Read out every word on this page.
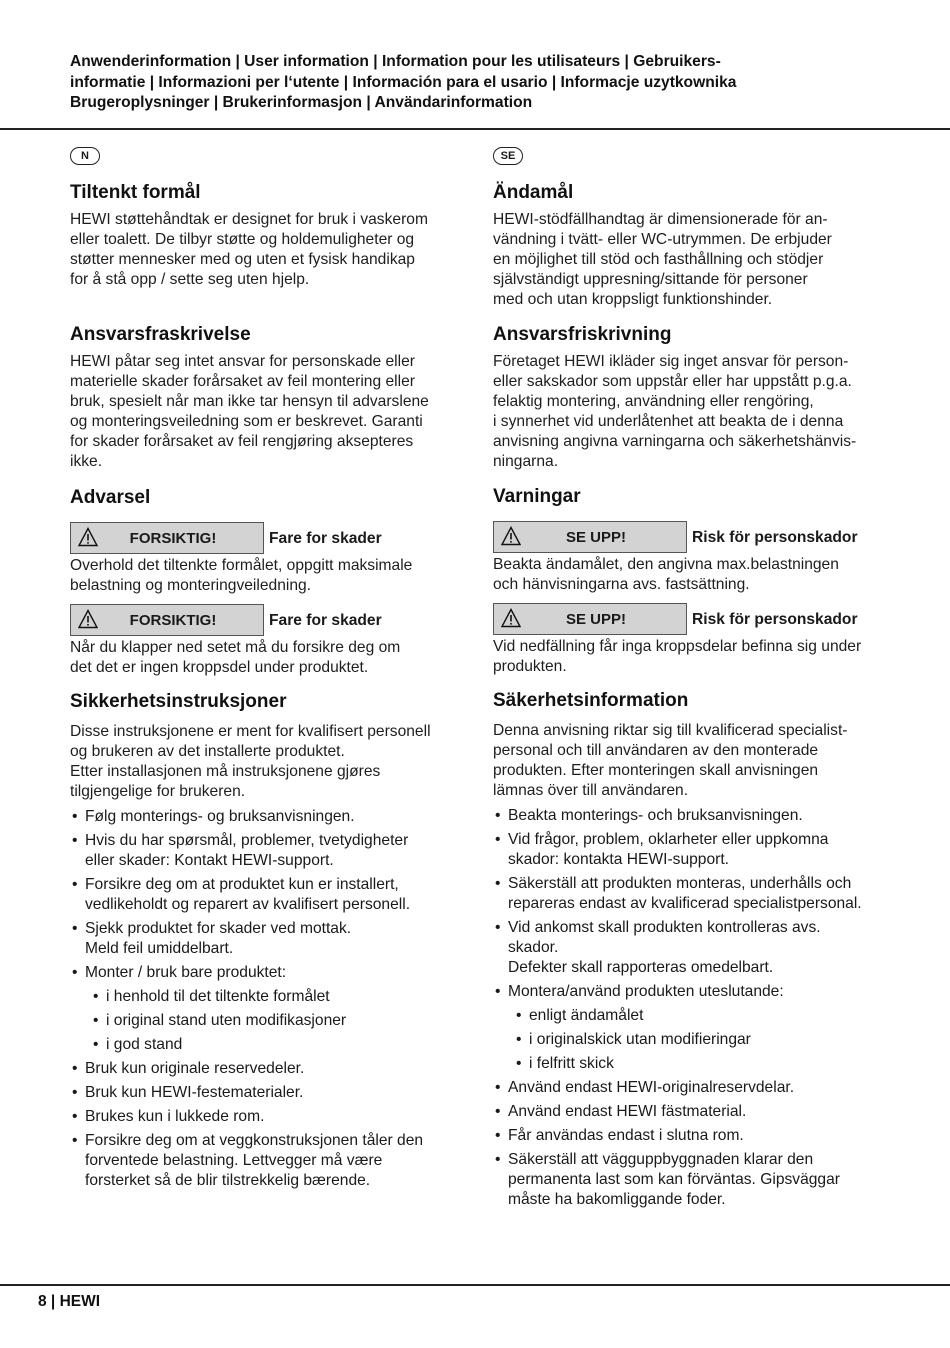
Anwenderinformation | User information | Information pour les utilisateurs | Gebruikers-
informatie | Informazioni per l‘utente | Información para el usario | Informacje uzytkownika
Brugeroplysninger | Brukerinformasjon | Användarinformation
N
Tiltenkt formål

HEWI støttehåndtak er designet for bruk i vaskerom
eller toalett. De tilbyr støtte og holdemuligheter og
støtter mennesker med og uten et fysisk handikap
for å stå opp / sette seg uten hjelp.

Ansvarsfraskrivelse

HEWI påtar seg intet ansvar for personskade eller
materielle skader forårsaket av feil montering eller
bruk, spesielt når man ikke tar hensyn til advarslene
og monteringsveiledning som er beskrevet. Garanti
for skader forårsaket av feil rengjøring aksepteres
ikke.

Advarsel
FORSIKTIG!	Fare for skader

Overhold det tiltenkte formålet, oppgitt maksimale
belastning og monteringveiledning.

FORSIKTIG!	Fare for skader

Når du klapper ned setet må du forsikre deg om
det det er ingen kroppsdel under produktet.

Sikkerhetsinstruksjoner

Disse instruksjonene er ment for kvalifisert personell
og brukeren av det installerte produktet.
Etter installasjonen må instruksjonene gjøres
tilgjengelige for brukeren.

• Følg monterings- og bruksanvisningen.
• Hvis du har spørsmål, problemer, tvetydigheter
eller skader: Kontakt HEWI-support.
• Forsikre deg om at produktet kun er installert,
vedlikeholdt og reparert av kvalifisert personell.
• Sjekk produktet for skader ved mottak.
Meld feil umiddelbart.
• Monter / bruk bare produktet:
• i henhold til det tiltenkte formålet
• i original stand uten modifikasjoner
• i god stand
• Bruk kun originale reservedeler.
• Bruk kun HEWI-festematerialer.
• Brukes kun i lukkede rom.
• Forsikre deg om at veggkonstruksjonen tåler den
forventede belastning. Lettvegger må være
forsterket så de blir tilstrekkelig bærende.
SE
Ändamål

HEWI-stödfällhandtag är dimensionerade för an-
vändning i tvätt- eller WC-utrymmen. De erbjuder
en möjlighet till stöd och fasthållning och stödjer
självständigt uppresning/sittande för personer
med och utan kroppsligt funktionshinder.

Ansvarsfriskrivning

Företaget HEWI ikläder sig inget ansvar för person-
eller sakskador som uppstår eller har uppstått p.g.a.
felaktig montering, användning eller rengöring,
i synnerhet vid underlåtenhet att beakta de i denna
anvisning angivna varningarna och säkerhetshänvis-
ningarna.

Varningar
SE UPP!	Risk för personskador

Beakta ändamålet, den angivna max.belastningen
och hänvisningarna avs. fastsättning.

SE UPP!	Risk för personskador

Vid nedfällning får inga kroppsdelar befinna sig under
produkten.

Säkerhetsinformation

Denna anvisning riktar sig till kvalificerad specialist-
personal och till användaren av den monterade
produkten. Efter monteringen skall anvisningen
lämnas över till användaren.

• Beakta monterings- och bruksanvisningen.
• Vid frågor, problem, oklarheter eller uppkomna
skador: kontakta HEWI-support.
• Säkerställ att produkten monteras, underhålls och
repareras endast av kvalificerad specialistpersonal.
• Vid ankomst skall produkten kontrolleras avs.
skador.
Defekter skall rapporteras omedelbart.
• Montera/använd produkten uteslutande:
• enligt ändamålet
• i originalskick utan modifieringar
• i felfritt skick
• Använd endast HEWI-originalreservdelar.
• Använd endast HEWI fästmaterial.
• Får användas endast i slutna rom.
• Säkerställ att vägguppbyggnaden klarar den
permanenta last som kan förväntas. Gipsväggar
måste ha bakomliggande foder.
8 | HEWI
